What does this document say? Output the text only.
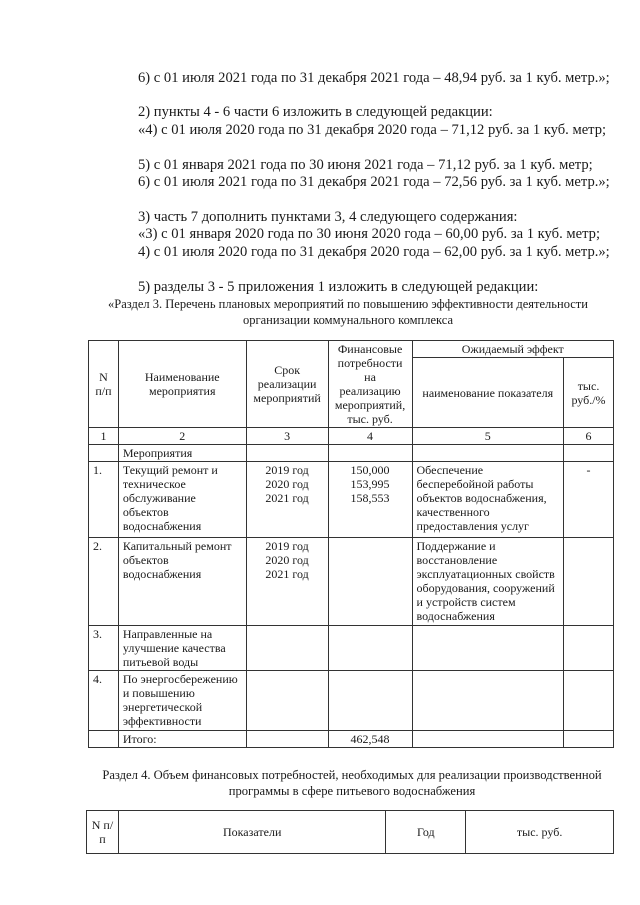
6) с 01 июля 2021 года по 31 декабря 2021 года – 48,94 руб. за 1 куб. метр.»;

2) пункты 4 - 6 части 6 изложить в следующей редакции:

«4) с 01 июля 2020 года по 31 декабря 2020 года – 71,12 руб. за 1 куб. метр;

5) с 01 января 2021 года по 30 июня 2021 года – 71,12 руб. за 1 куб. метр;

6) с 01 июля 2021 года по 31 декабря 2021 года – 72,56 руб. за 1 куб. метр.»;

3) часть 7 дополнить пунктами 3, 4 следующего содержания:

«3) с 01 января 2020 года по 30 июня 2020 года – 60,00 руб. за 1 куб. метр;

4) с 01 июля 2020 года по 31 декабря 2020 года – 62,00 руб. за 1 куб. метр.»;

5) разделы 3 - 5 приложения 1 изложить в следующей редакции:

«Раздел 3. Перечень плановых мероприятий по повышению эффективности деятельности организации коммунального комплекса

N п/п	Наименование мероприятия	Срок реализации мероприятий	Финансовые потребности на реализацию мероприятий, тыс. руб.	Ожидаемый эффект	
				наименование показателя	тыс. руб./%
1	2	3	4	5	6
	Мероприятия				
1.	Текущий ремонт и техническое обслуживание объектов водоснабжения	2019 год
2020 год
2021 год	150,000
153,995
158,553	Обеспечение бесперебойной работы объектов водоснабжения, качественного предоставления услуг	-
2.	Капитальный ремонт объектов водоснабжения	2019 год
2020 год
2021 год		Поддержание и восстановление эксплуатационных свойств оборудования, сооружений и устройств систем водоснабжения	
3.	Направленные на улучшение качества питьевой воды				
4.	По энергосбережению и повышению энергетической эффективности				
	Итого:		462,548		

Раздел 4. Объем финансовых потребностей, необходимых для реализации производственной программы в сфере питьевого водоснабжения

N п/п	Показатели	Год	тыс. руб.
